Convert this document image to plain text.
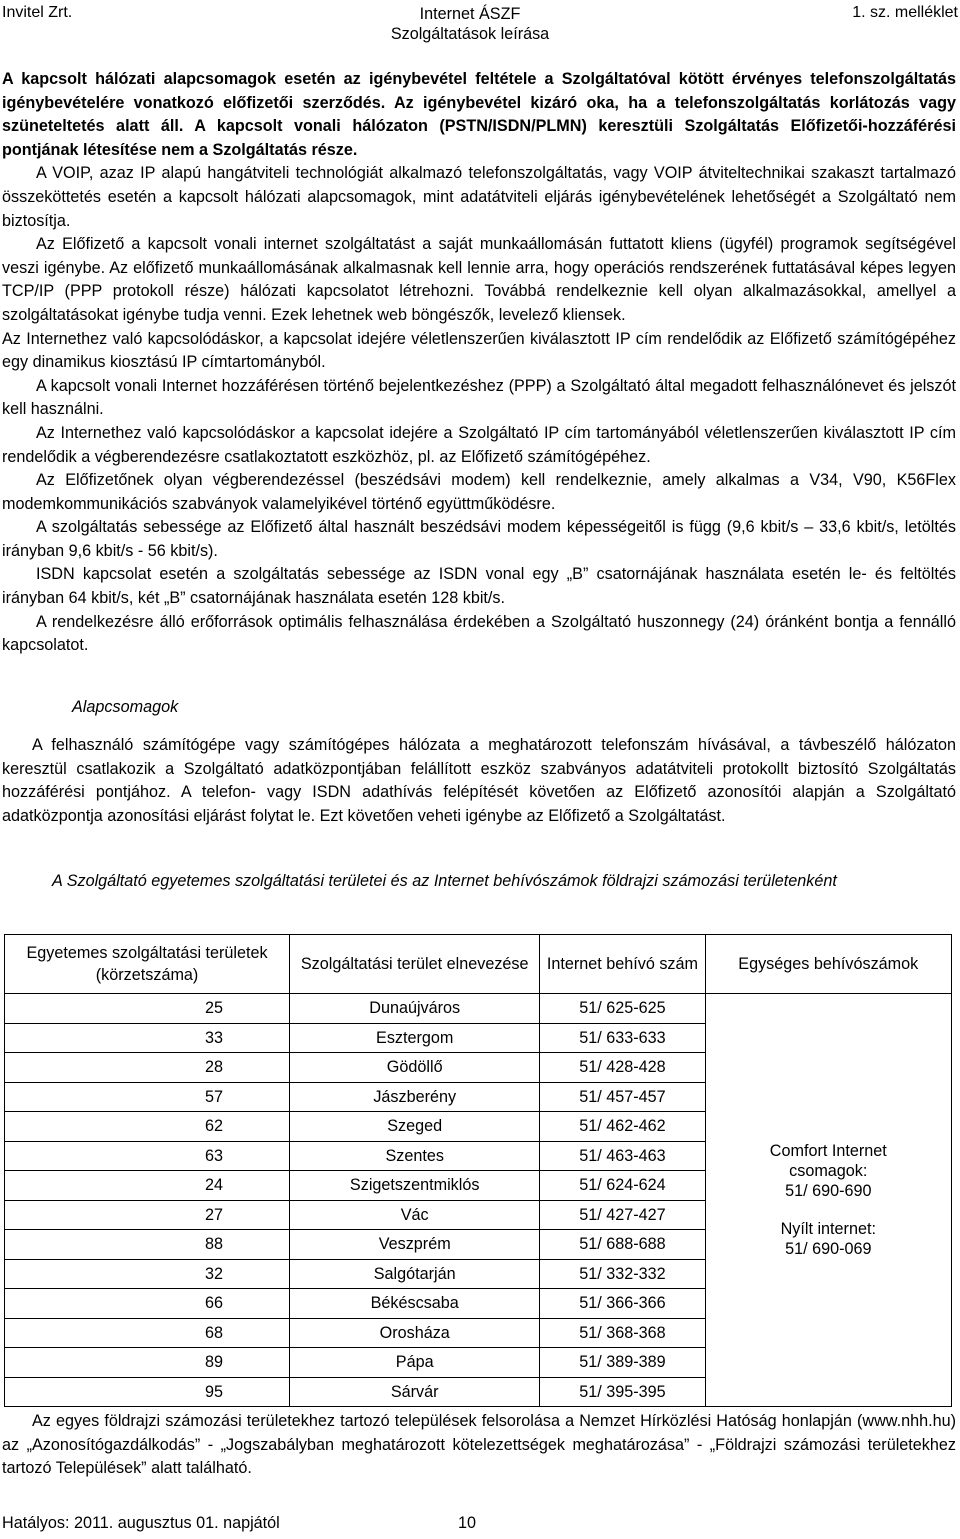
Invitel Zrt.	Internet ÁSZF
Szolgáltatások leírása
1. sz. melléklet

A kapcsolt hálózati alapcsomagok esetén az igénybevétel feltétele a Szolgáltatóval kötött érvényes telefonszolgáltatás igénybevételére vonatkozó előfizetői szerződés. Az igénybevétel kizáró oka, ha a telefonszolgáltatás korlátozás vagy szüneteltetés alatt áll. A kapcsolt vonali hálózaton (PSTN/ISDN/PLMN) keresztüli Szolgáltatás Előfizetői-hozzáférési pontjának létesítése nem a Szolgáltatás része.

A VOIP, azaz IP alapú hangátviteli technológiát alkalmazó telefonszolgáltatás, vagy VOIP átviteltechnikai szakaszt tartalmazó összeköttetés esetén a kapcsolt hálózati alapcsomagok, mint adatátviteli eljárás igénybevételének lehetőségét a Szolgáltató nem biztosítja.

Az Előfizető a kapcsolt vonali internet szolgáltatást a saját munkaállomásán futtatott kliens (ügyfél) programok segítségével veszi igénybe. Az előfizető munkaállomásának alkalmasnak kell lennie arra, hogy operációs rendszerének futtatásával képes legyen TCP/IP (PPP protokoll része) hálózati kapcsolatot létrehozni. Továbbá rendelkeznie kell olyan alkalmazásokkal, amellyel a szolgáltatásokat igénybe tudja venni. Ezek lehetnek web böngészők, levelező kliensek.

Az Internethez való kapcsolódáskor, a kapcsolat idejére véletlenszerűen kiválasztott IP cím rendelődik az Előfizető számítógépéhez egy dinamikus kiosztású IP címtartományból.

A kapcsolt vonali Internet hozzáférésen történő bejelentkezéshez (PPP) a Szolgáltató által megadott felhasználónevet és jelszót kell használni.

Az Internethez való kapcsolódáskor a kapcsolat idejére a Szolgáltató IP cím tartományából véletlenszerűen kiválasztott IP cím rendelődik a végberendezésre csatlakoztatott eszközhöz, pl. az Előfizető számítógépéhez.

Az Előfizetőnek olyan végberendezéssel (beszédsávi modem) kell rendelkeznie, amely alkalmas a V34, V90, K56Flex modemkommunikációs szabványok valamelyikével történő együttműködésre.

A szolgáltatás sebessége az Előfizető által használt beszédsávi modem képességeitől is függ (9,6 kbit/s – 33,6 kbit/s, letöltés irányban 9,6 kbit/s - 56 kbit/s).

ISDN kapcsolat esetén a szolgáltatás sebessége az ISDN vonal egy „B” csatornájának használata esetén le- és feltöltés irányban 64 kbit/s, két „B” csatornájának használata esetén 128 kbit/s.

A rendelkezésre álló erőforrások optimális felhasználása érdekében a Szolgáltató huszonnegy (24) óránként bontja a fennálló kapcsolatot.

Alapcsomagok

A felhasználó számítógépe vagy számítógépes hálózata a meghatározott telefonszám hívásával, a távbeszélő hálózaton keresztül csatlakozik a Szolgáltató adatközpontjában felállított eszköz szabványos adatátviteli protokollt biztosító Szolgáltatás hozzáférési pontjához. A telefon- vagy ISDN adathívás felépítését követően az Előfizető azonosítói alapján a Szolgáltató adatközpontja azonosítási eljárást folytat le. Ezt követően veheti igénybe az Előfizető a Szolgáltatást.

A Szolgáltató egyetemes szolgáltatási területei és az Internet behívószámok földrajzi számozási területenként
Egyetemes szolgáltatási területek (körzetszáma)	Szolgáltatási terület elnevezése	Internet behívó szám	Egységes behívószámok
25	Dunaújváros	51/ 625-625	Comfort Internet csomagok:
51/ 690-690
Nyílt internet:
51/ 690-069

33	Esztergom	51/ 633-633	
28	Gödöllő	51/ 428-428	
57	Jászberény	51/ 457-457	
62	Szeged	51/ 462-462	
63	Szentes	51/ 463-463	
24	Szigetszentmiklós	51/ 624-624	
27	Vác	51/ 427-427	
88	Veszprém	51/ 688-688	
32	Salgótarján	51/ 332-332	
66	Békéscsaba	51/ 366-366	
68	Orosháza	51/ 368-368	
89	Pápa	51/ 389-389	
95	Sárvár	51/ 395-395	

Az egyes földrajzi számozási területekhez tartozó települések felsorolása a Nemzet Hírközlési Hatóság honlapján (www.nhh.hu) az „Azonosítógazdálkodás” - „Jogszabályban meghatározott kötelezettségek meghatározása” - „Földrajzi számozási területekhez tartozó Települések” alatt található.

Hatályos: 2011. augusztus 01. napjától	10
